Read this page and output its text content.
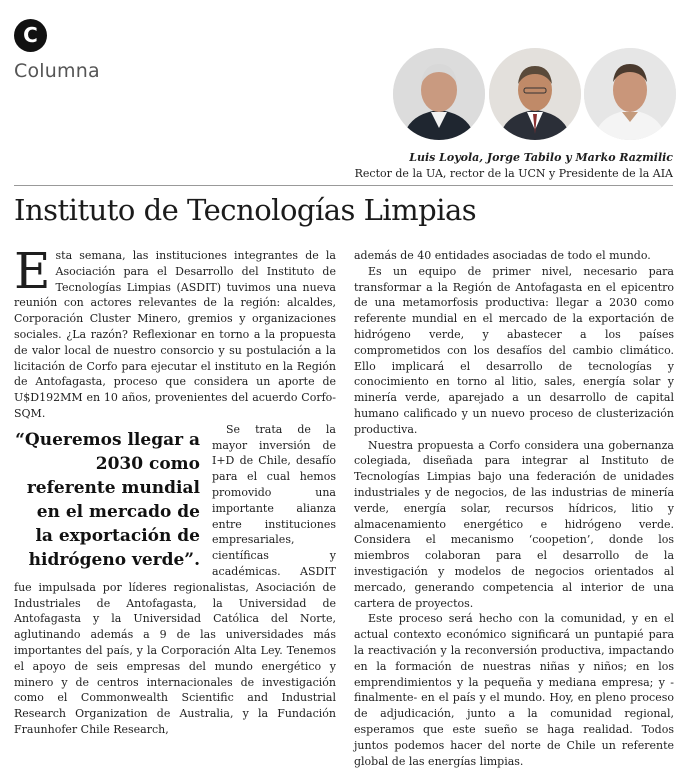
C
Columna
Luis Loyola, Jorge Tabilo y Marko Razmilic
Rector de la UA, rector de la UCN y Presidente de la AIA
Instituto de Tecnologías Limpias

Esta semana, las instituciones integrantes de la Asociación para el Desarrollo del Instituto de Tecnologías Limpias (ASDIT) tuvimos una nueva reunión con actores relevantes de la región: alcaldes, Corporación Cluster Minero, gremios y organizaciones sociales. ¿La razón? Reflexionar en torno a la propuesta de valor local de nuestro consorcio y su postulación a la licitación de Corfo para ejecutar el instituto en la Región de Antofagasta, proceso que considera un aporte de U$D192MM en 10 años, provenientes del acuerdo Corfo-SQM.

“Queremos llegar a 2030 como referente mundial en el mercado de la exportación de hidrógeno verde”.

Se trata de la mayor inversión de I+D de Chile, desafío para el cual hemos promovido una importante alianza entre instituciones empresariales, científicas y académicas. ASDIT fue impulsada por líderes regionalistas, Asociación de Industriales de Antofagasta, la Universidad de Antofagasta y la Universidad Católica del Norte, aglutinando además a 9 de las universidades más importantes del país, y la Corporación Alta Ley. Tenemos el apoyo de seis empresas del mundo energético y minero y de centros internacionales de investigación como el Commonwealth Scientific and Industrial Research Organization de Australia, y la Fundación Fraunhofer Chile Research,

además de 40 entidades asociadas de todo el mundo.

Es un equipo de primer nivel, necesario para transformar a la Región de Antofagasta en el epicentro de una metamorfosis productiva: llegar a 2030 como referente mundial en el mercado de la exportación de hidrógeno verde, y abastecer a los países comprometidos con los desafíos del cambio climático. Ello implicará el desarrollo de tecnologías y conocimiento en torno al litio, sales, energía solar y minería verde, aparejado a un desarrollo de capital humano calificado y un nuevo proceso de clusterización productiva.

Nuestra propuesta a Corfo considera una gobernanza colegiada, diseñada para integrar al Instituto de Tecnologías Limpias bajo una federación de unidades industriales y de negocios, de las industrias de minería verde, energía solar, recursos hídricos, litio y almacenamiento energético e hidrógeno verde. Considera el mecanismo ‘coopetion’, donde los miembros colaboran para el desarrollo de la investigación y modelos de negocios orientados al mercado, generando competencia al interior de una cartera de proyectos.

Este proceso será hecho con la comunidad, y en el actual contexto económico significará un puntapié para la reactivación y la reconversión productiva, impactando en la formación de nuestras niñas y niños; en los emprendimientos y la pequeña y mediana empresa; y -finalmente- en el país y el mundo. Hoy, en pleno proceso de adjudicación, junto a la comunidad regional, esperamos que este sueño se haga realidad. Todos juntos podemos hacer del norte de Chile un referente global de las energías limpias.
